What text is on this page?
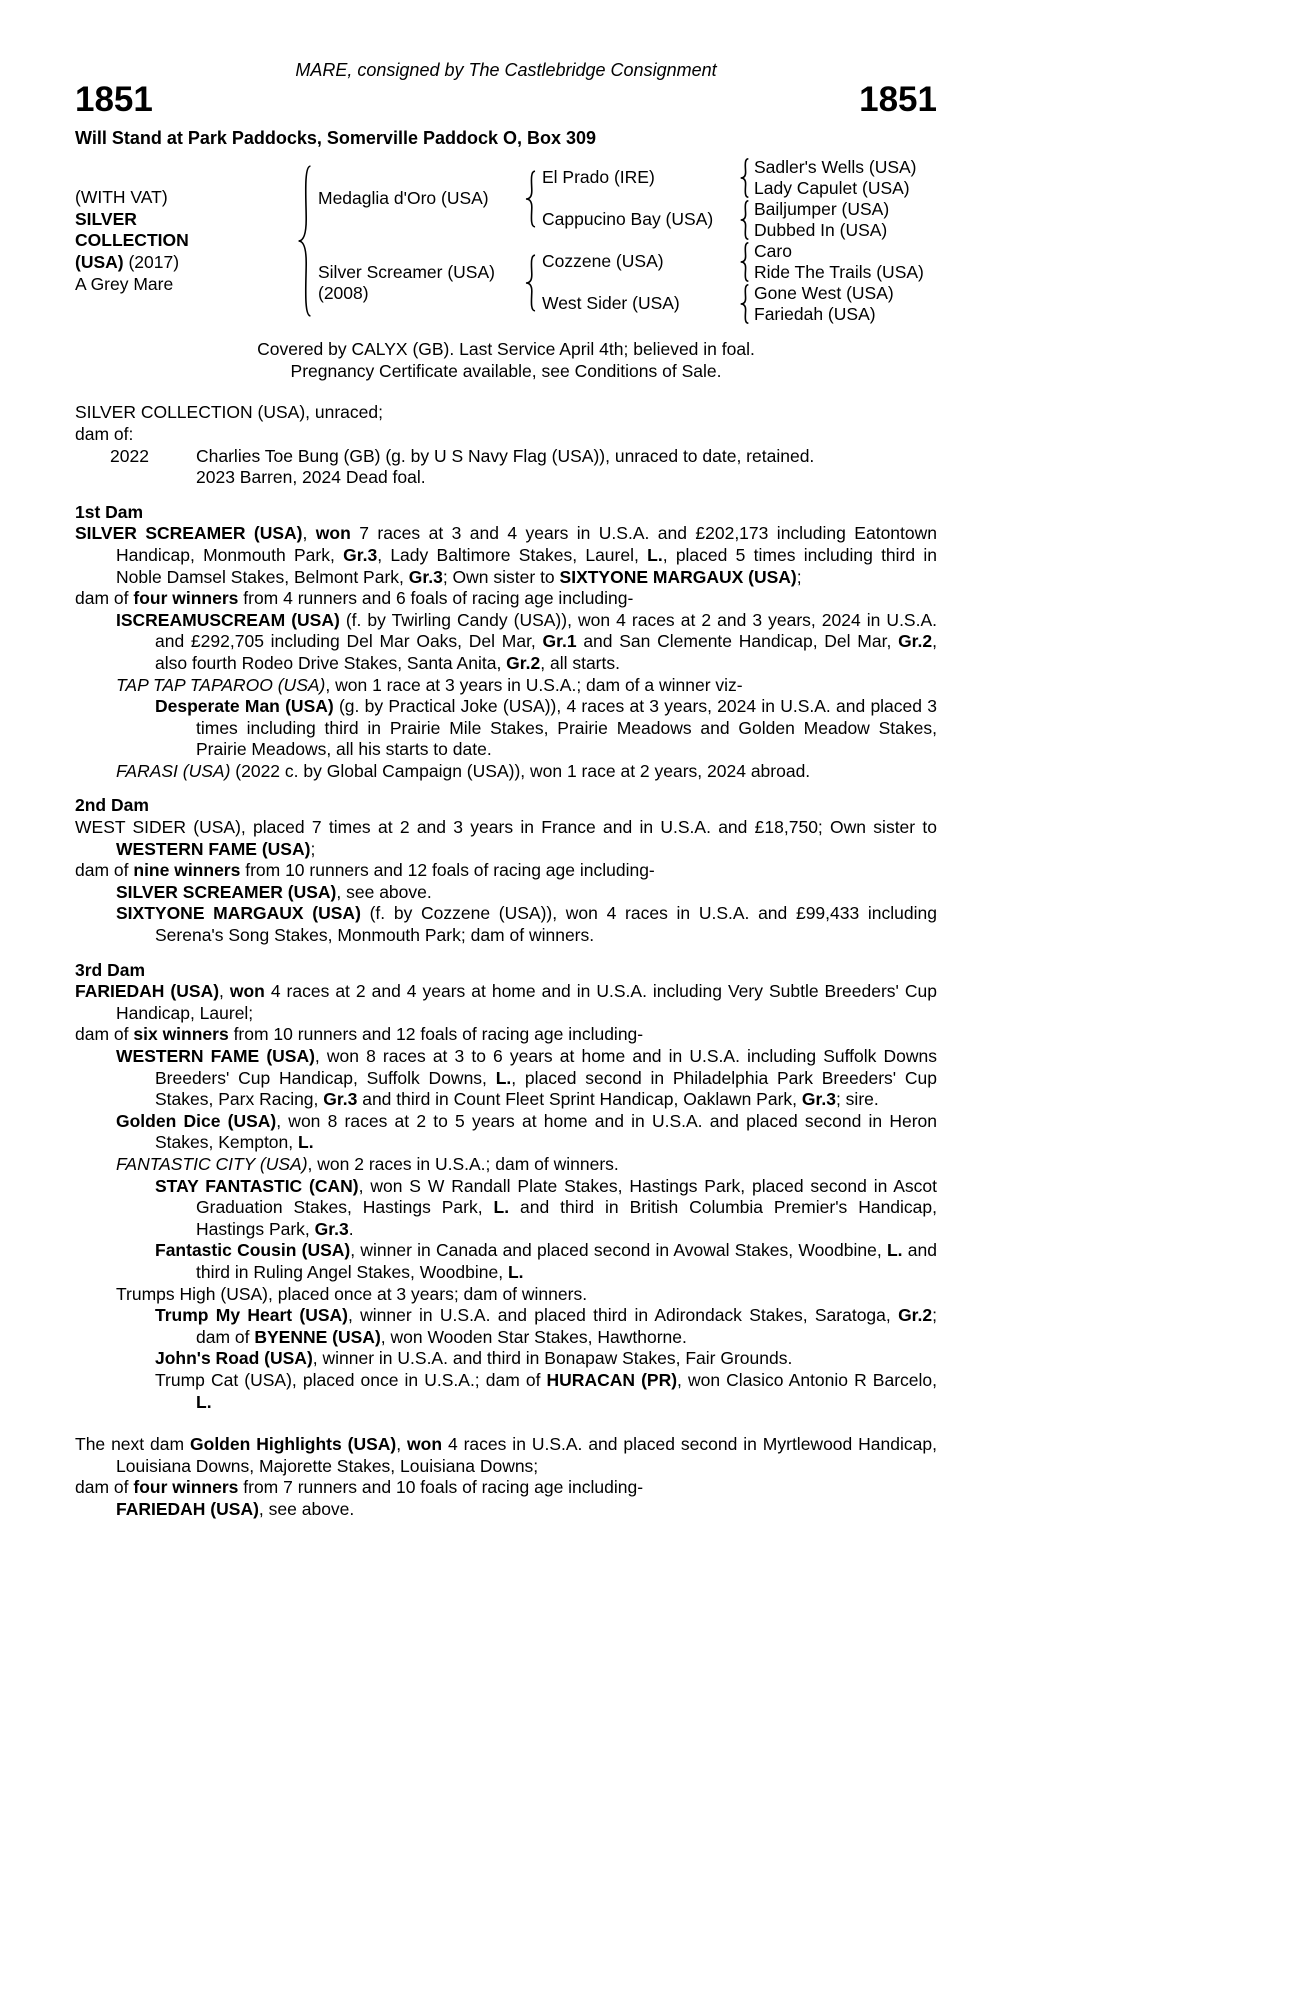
MARE, consigned by The Castlebridge Consignment
1851	1851
Will Stand at Park Paddocks, Somerville Paddock O, Box 309
(WITH VAT)
SILVER COLLECTION (USA) (2017)
A Grey Mare
Medaglia d'Oro (USA)
Silver Screamer (USA)
(2008)
El Prado (IRE)
Cappucino Bay (USA)
Cozzene (USA)
West Sider (USA)
Sadler's Wells (USA)
Lady Capulet (USA)
Bailjumper (USA)
Dubbed In (USA)
Caro
Ride The Trails (USA)
Gone West (USA)
Fariedah (USA)
Covered by CALYX (GB). Last Service April 4th; believed in foal.
Pregnancy Certificate available, see Conditions of Sale.
SILVER COLLECTION (USA), unraced;
dam of:
2022	Charlies Toe Bung (GB) (g. by U S Navy Flag (USA)), unraced to date, retained.
2023 Barren, 2024 Dead foal.
1st Dam
SILVER SCREAMER (USA), won 7 races at 3 and 4 years in U.S.A. and £202,173 including Eatontown Handicap, Monmouth Park, Gr.3, Lady Baltimore Stakes, Laurel, L., placed 5 times including third in Noble Damsel Stakes, Belmont Park, Gr.3; Own sister to SIXTYONE MARGAUX (USA);
dam of four winners from 4 runners and 6 foals of racing age including-
ISCREAMUSCREAM (USA) (f. by Twirling Candy (USA)), won 4 races at 2 and 3 years, 2024 in U.S.A. and £292,705 including Del Mar Oaks, Del Mar, Gr.1 and San Clemente Handicap, Del Mar, Gr.2, also fourth Rodeo Drive Stakes, Santa Anita, Gr.2, all starts.
TAP TAP TAPAROO (USA), won 1 race at 3 years in U.S.A.; dam of a winner viz-
Desperate Man (USA) (g. by Practical Joke (USA)), 4 races at 3 years, 2024 in U.S.A. and placed 3 times including third in Prairie Mile Stakes, Prairie Meadows and Golden Meadow Stakes, Prairie Meadows, all his starts to date.
FARASI (USA) (2022 c. by Global Campaign (USA)), won 1 race at 2 years, 2024 abroad.
2nd Dam
WEST SIDER (USA), placed 7 times at 2 and 3 years in France and in U.S.A. and £18,750; Own sister to WESTERN FAME (USA);
dam of nine winners from 10 runners and 12 foals of racing age including-
SILVER SCREAMER (USA), see above.
SIXTYONE MARGAUX (USA) (f. by Cozzene (USA)), won 4 races in U.S.A. and £99,433 including Serena's Song Stakes, Monmouth Park; dam of winners.
3rd Dam
FARIEDAH (USA), won 4 races at 2 and 4 years at home and in U.S.A. including Very Subtle Breeders' Cup Handicap, Laurel;
dam of six winners from 10 runners and 12 foals of racing age including-
WESTERN FAME (USA), won 8 races at 3 to 6 years at home and in U.S.A. including Suffolk Downs Breeders' Cup Handicap, Suffolk Downs, L., placed second in Philadelphia Park Breeders' Cup Stakes, Parx Racing, Gr.3 and third in Count Fleet Sprint Handicap, Oaklawn Park, Gr.3; sire.
Golden Dice (USA), won 8 races at 2 to 5 years at home and in U.S.A. and placed second in Heron Stakes, Kempton, L.
FANTASTIC CITY (USA), won 2 races in U.S.A.; dam of winners.
STAY FANTASTIC (CAN), won S W Randall Plate Stakes, Hastings Park, placed second in Ascot Graduation Stakes, Hastings Park, L. and third in British Columbia Premier's Handicap, Hastings Park, Gr.3.
Fantastic Cousin (USA), winner in Canada and placed second in Avowal Stakes, Woodbine, L. and third in Ruling Angel Stakes, Woodbine, L.
Trumps High (USA), placed once at 3 years; dam of winners.
Trump My Heart (USA), winner in U.S.A. and placed third in Adirondack Stakes, Saratoga, Gr.2; dam of BYENNE (USA), won Wooden Star Stakes, Hawthorne.
John's Road (USA), winner in U.S.A. and third in Bonapaw Stakes, Fair Grounds.
Trump Cat (USA), placed once in U.S.A.; dam of HURACAN (PR), won Clasico Antonio R Barcelo, L.
The next dam Golden Highlights (USA), won 4 races in U.S.A. and placed second in Myrtlewood Handicap, Louisiana Downs, Majorette Stakes, Louisiana Downs;
dam of four winners from 7 runners and 10 foals of racing age including-
FARIEDAH (USA), see above.
